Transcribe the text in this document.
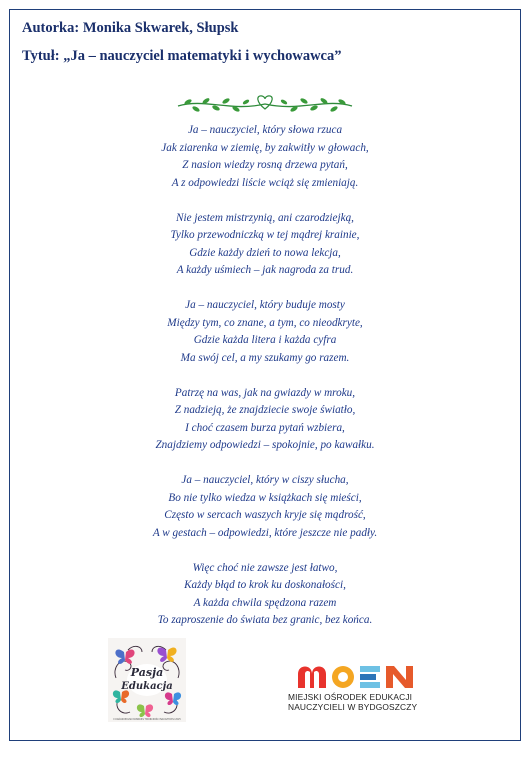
Autorka: Monika Skwarek, Słupsk
Tytuł: „Ja – nauczyciel matematyki i wychowawca”
Ja – nauczyciel, który słowa rzuca
Jak ziarenka w ziemię, by zakwitły w głowach,
Z nasion wiedzy rosną drzewa pytań,
A z odpowiedzi liście wciąż się zmieniają.
Nie jestem mistrzynią, ani czarodziejką,
Tylko przewodniczką w tej mądrej krainie,
Gdzie każdy dzień to nowa lekcja,
A każdy uśmiech – jak nagroda za trud.
Ja – nauczyciel, który buduje mosty
Między tym, co znane, a tym, co nieodkryte,
Gdzie każda litera i każda cyfra
Ma swój cel, a my szukamy go razem.
Patrzę na was, jak na gwiazdy w mroku,
Z nadzieją, że znajdziecie swoje światło,
I choć czasem burza pytań wzbiera,
Znajdziemy odpowiedzi – spokojnie, po kawałku.
Ja – nauczyciel, który w ciszy słucha,
Bo nie tylko wiedza w książkach się mieści,
Często w sercach waszych kryje się mądrość,
A w gestach – odpowiedzi, które jeszcze nie padły.
Więc choć nie zawsze jest łatwo,
Każdy błąd to krok ku doskonałości,
A każda chwila spędzona razem
To zaproszenie do świata bez granic, bez końca.
Pasja
Edukacja
II OGÓLNOPOLSKI KONKURS TWÓRCZOŚCI NAUCZYCIELI 2025
MIEJSKI OŚRODEK EDUKACJI
NAUCZYCIELI W BYDGOSZCZY
